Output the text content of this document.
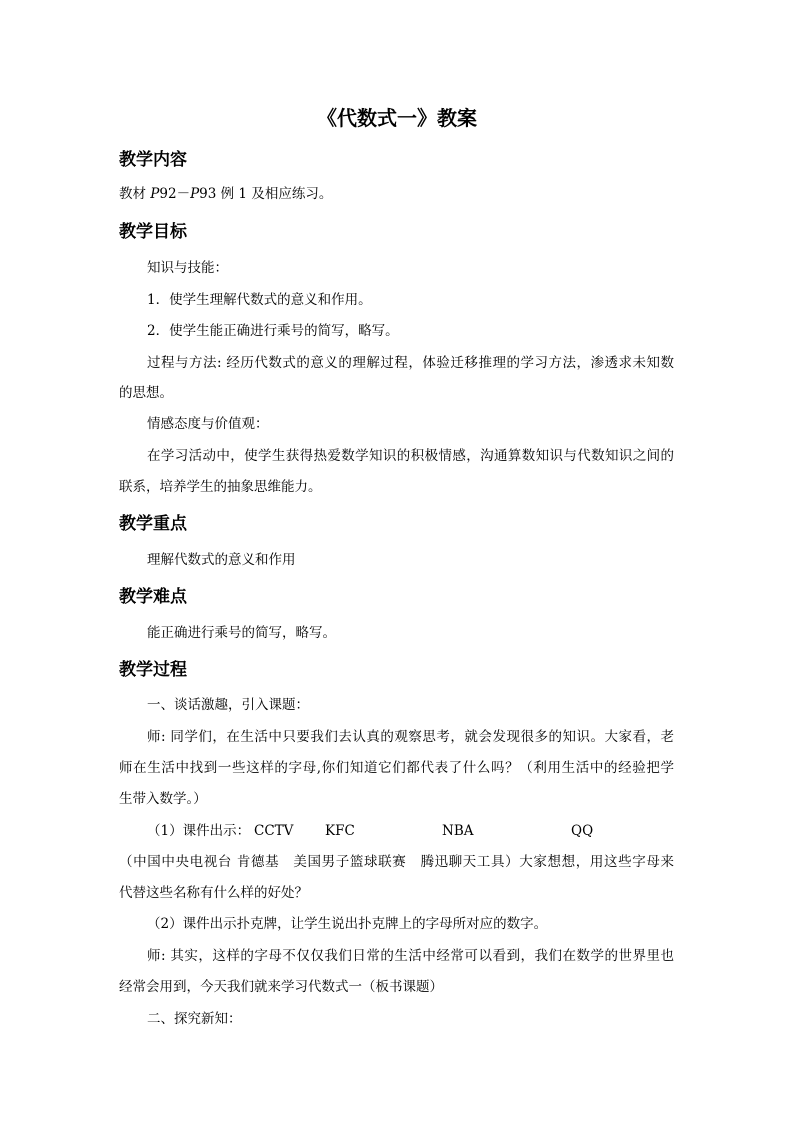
《代数式一》教案
教学内容
教材 P92－P93 例 1 及相应练习。
教学目标
知识与技能：
1．使学生理解代数式的意义和作用。
2．使学生能正确进行乘号的简写，略写。
过程与方法: 经历代数式的意义的理解过程，体验迁移推理的学习方法，渗透求未知数
的思想。
情感态度与价值观：
在学习活动中，使学生获得热爱数学知识的积极情感，沟通算数知识与代数知识之间的
联系，培养学生的抽象思维能力。
教学重点
理解代数式的意义和作用
教学难点
能正确进行乘号的简写，略写。
教学过程
一、谈话激趣，引入课题：
师: 同学们，在生活中只要我们去认真的观察思考，就会发现很多的知识。大家看，老
师在生活中找到一些这样的字母,你们知道它们都代表了什么吗？（利用生活中的经验把学
生带入数学。）
（1）课件出示： CCTV KFC	NBA	QQ
（中国中央电视台 肯德基　美国男子篮球联赛　腾迅聊天工具）大家想想，用这些字母来
代替这些名称有什么样的好处？
（2）课件出示扑克牌，让学生说出扑克牌上的字母所对应的数字。
师: 其实，这样的字母不仅仅我们日常的生活中经常可以看到，我们在数学的世界里也
经常会用到，今天我们就来学习代数式一（板书课题）
二、探究新知：
